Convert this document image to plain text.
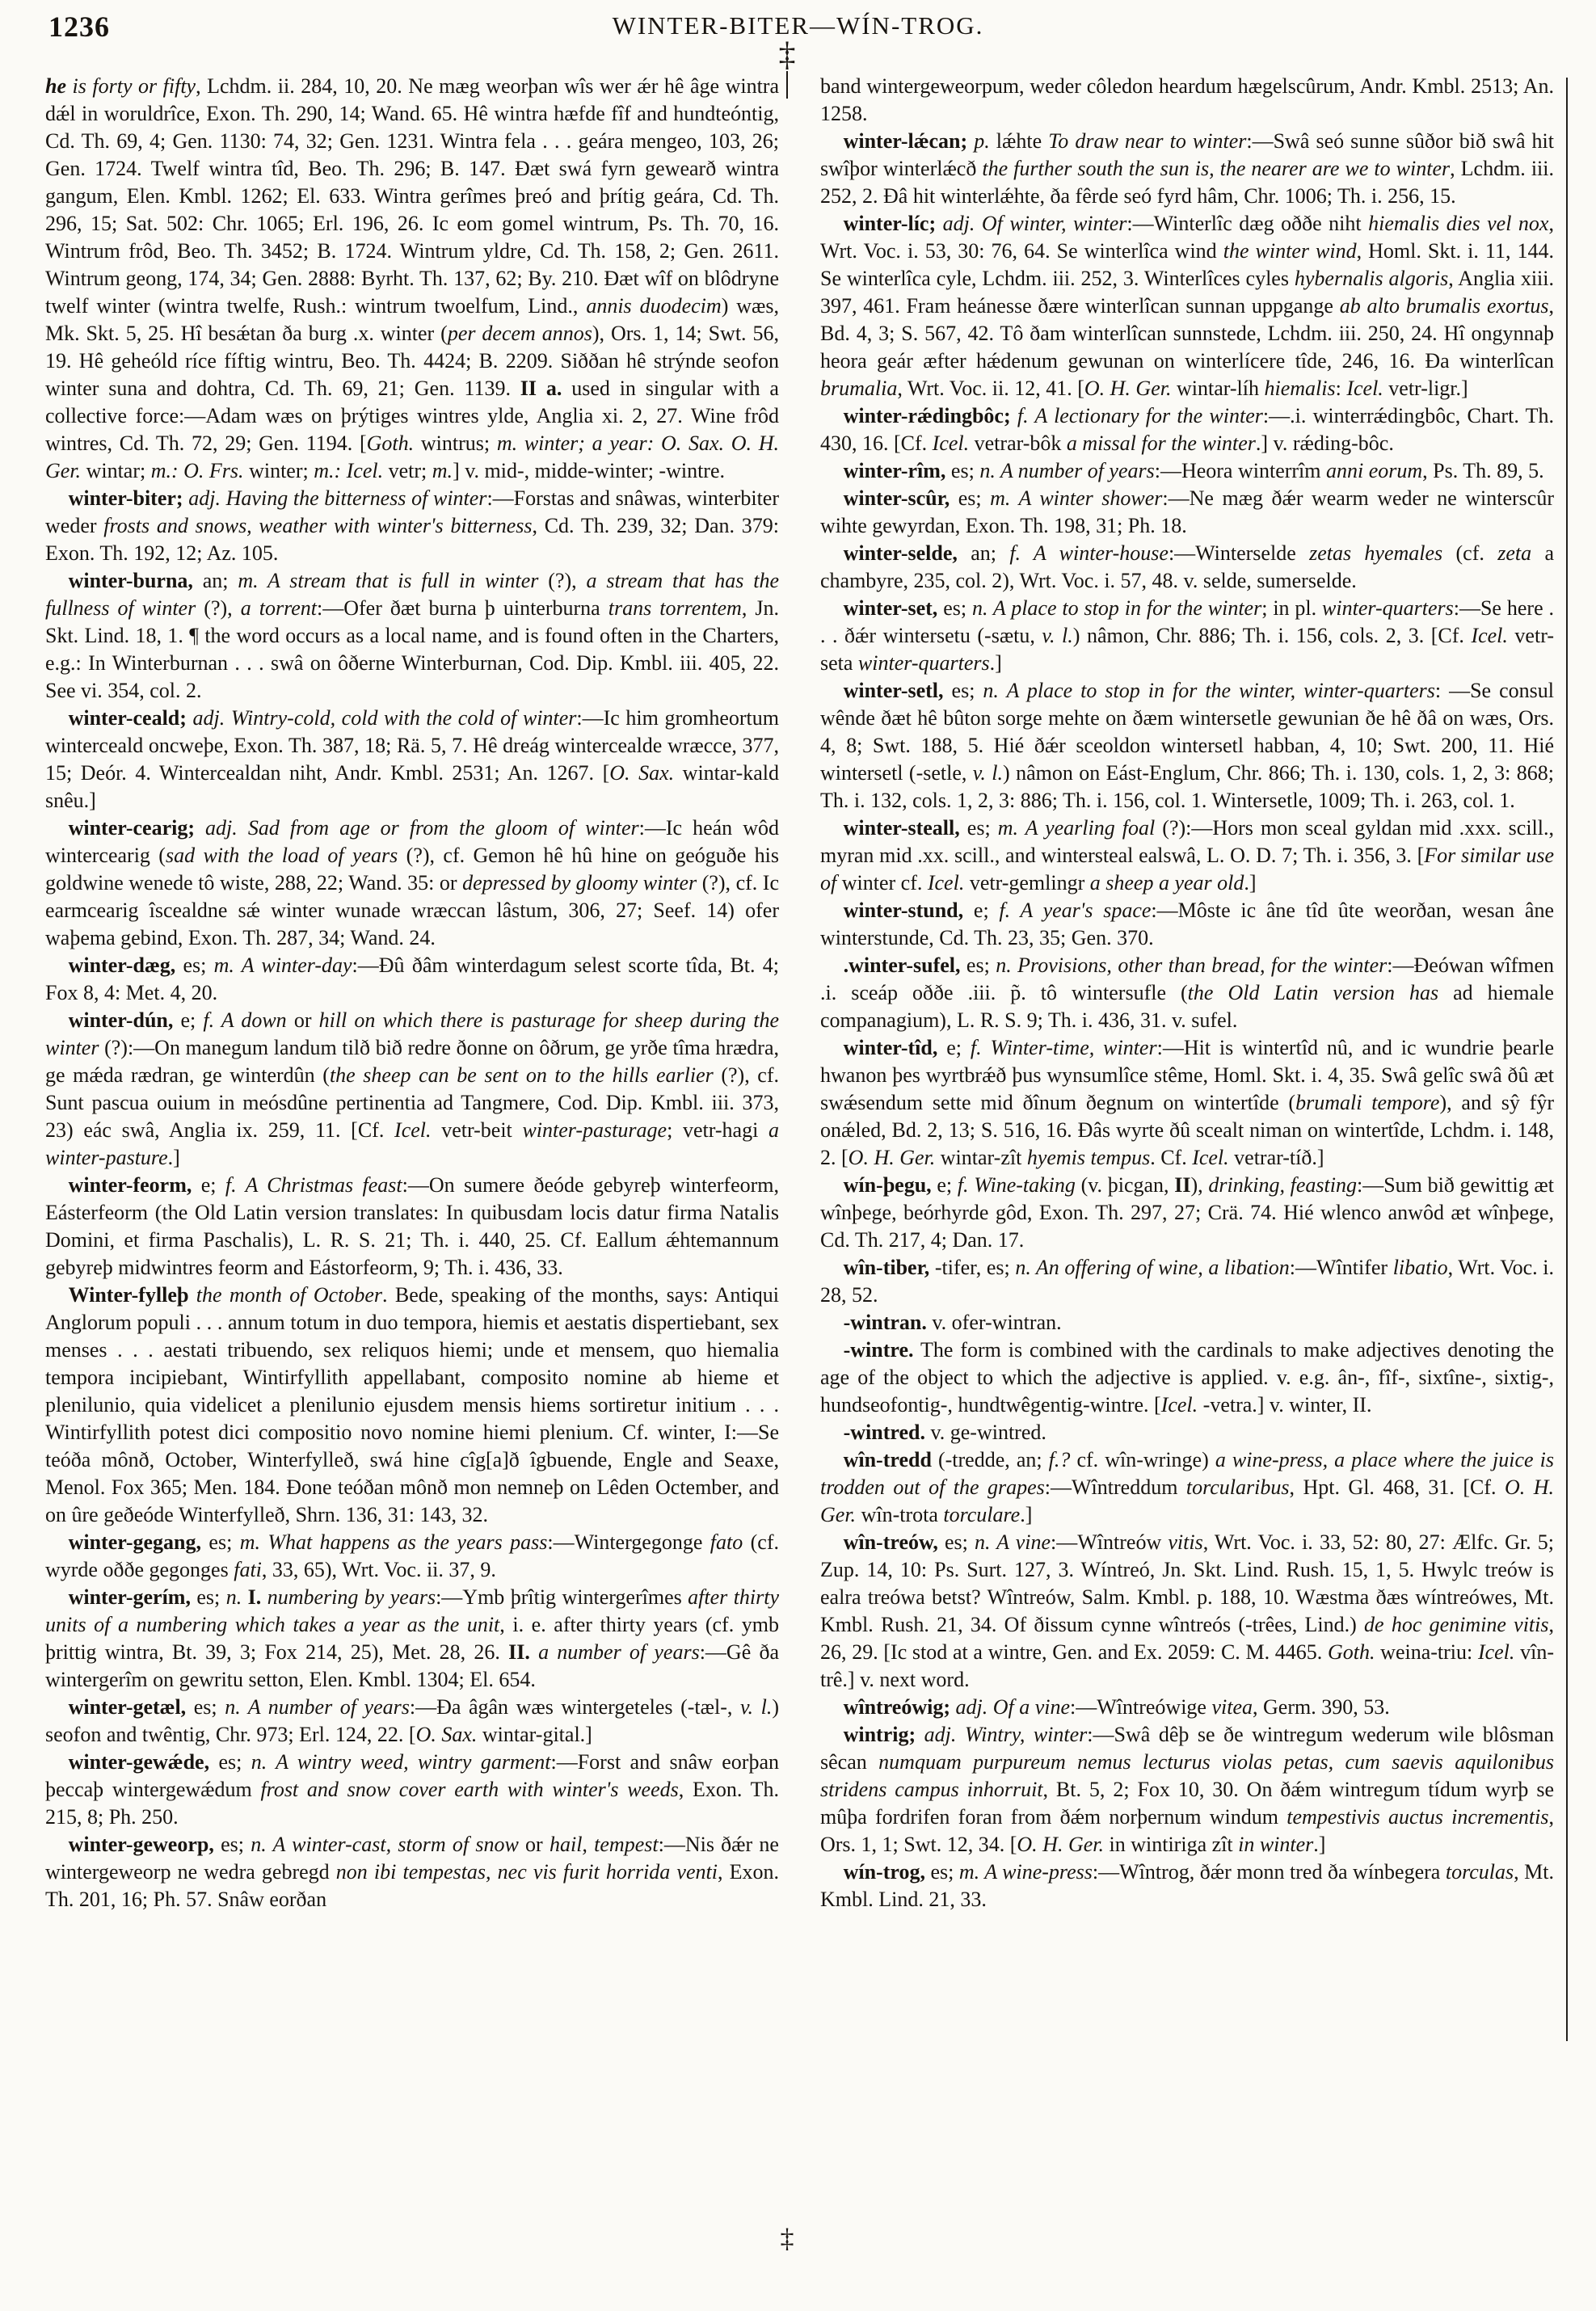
1236	WINTER-BITER—WÍN-TROG.
‡

he is forty or fifty, Lchdm. ii. 284, 10, 20. Ne mæg weorþan wîs wer ǽr hê âge wintra dǽl in woruldrîce, Exon. Th. 290, 14; Wand. 65. Hê wintra hæfde fîf and hundteóntig, Cd. Th. 69, 4; Gen. 1130: 74, 32; Gen. 1231. Wintra fela . . . geára mengeo, 103, 26; Gen. 1724. Twelf wintra tîd, Beo. Th. 296; B. 147. Ðæt swá fyrn gewearð wintra gangum, Elen. Kmbl. 1262; El. 633. Wintra gerîmes þreó and þrítig geára, Cd. Th. 296, 15; Sat. 502: Chr. 1065; Erl. 196, 26. Ic eom gomel wintrum, Ps. Th. 70, 16. Wintrum frôd, Beo. Th. 3452; B. 1724. Wintrum yldre, Cd. Th. 158, 2; Gen. 2611. Wintrum geong, 174, 34; Gen. 2888: Byrht. Th. 137, 62; By. 210. Ðæt wîf on blôdryne twelf winter (wintra twelfe, Rush.: wintrum twoelfum, Lind., annis duodecim) wæs, Mk. Skt. 5, 25. Hî besǽtan ða burg .x. winter (per decem annos), Ors. 1, 14; Swt. 56, 19. Hê geheóld ríce fíftig wintru, Beo. Th. 4424; B. 2209. Siððan hê strýnde seofon winter suna and dohtra, Cd. Th. 69, 21; Gen. 1139. II a. used in singular with a collective force:—Adam wæs on þrýtiges wintres ylde, Anglia xi. 2, 27. Wine frôd wintres, Cd. Th. 72, 29; Gen. 1194. [Goth. wintrus; m. winter; a year: O. Sax. O. H. Ger. wintar; m.: O. Frs. winter; m.: Icel. vetr; m.] v. mid-, midde-winter; -wintre.

winter-biter; adj. Having the bitterness of winter:—Forstas and snâwas, winterbiter weder frosts and snows, weather with winter's bitterness, Cd. Th. 239, 32; Dan. 379: Exon. Th. 192, 12; Az. 105.

winter-burna, an; m. A stream that is full in winter (?), a stream that has the fullness of winter (?), a torrent:—Ofer ðæt burna þ uinterburna trans torrentem, Jn. Skt. Lind. 18, 1. ¶ the word occurs as a local name, and is found often in the Charters, e.g.: In Winterburnan . . . swâ on ôðerne Winterburnan, Cod. Dip. Kmbl. iii. 405, 22. See vi. 354, col. 2.

winter-ceald; adj. Wintry-cold, cold with the cold of winter:—Ic him gromheortum winterceald oncweþe, Exon. Th. 387, 18; Rä. 5, 7. Hê dreág wintercealde wræcce, 377, 15; Deór. 4. Wintercealdan niht, Andr. Kmbl. 2531; An. 1267. [O. Sax. wintar-kald snêu.]

winter-cearig; adj. Sad from age or from the gloom of winter:—Ic heán wôd wintercearig (sad with the load of years (?), cf. Gemon hê hû hine on geóguðe his goldwine wenede tô wiste, 288, 22; Wand. 35: or depressed by gloomy winter (?), cf. Ic earmcearig îscealdne sǽ winter wunade wræccan lâstum, 306, 27; Seef. 14) ofer waþema gebind, Exon. Th. 287, 34; Wand. 24.

winter-dæg, es; m. A winter-day:—Ðû ðâm winterdagum selest scorte tîda, Bt. 4; Fox 8, 4: Met. 4, 20.

winter-dún, e; f. A down or hill on which there is pasturage for sheep during the winter (?):—On manegum landum tilð bið redre ðonne on ôðrum, ge yrðe tîma hrædra, ge mǽda rædran, ge winterdûn (the sheep can be sent on to the hills earlier (?), cf. Sunt pascua ouium in meósdûne pertinentia ad Tangmere, Cod. Dip. Kmbl. iii. 373, 23) eác swâ, Anglia ix. 259, 11. [Cf. Icel. vetr-beit winter-pasturage; vetr-hagi a winter-pasture.]

winter-feorm, e; f. A Christmas feast:—On sumere ðeóde gebyreþ winterfeorm, Eásterfeorm (the Old Latin version translates: In quibusdam locis datur firma Natalis Domini, et firma Paschalis), L. R. S. 21; Th. i. 440, 25. Cf. Eallum ǽhtemannum gebyreþ midwintres feorm and Eástorfeorm, 9; Th. i. 436, 33.

Winter-fylleþ the month of October. Bede, speaking of the months, says: Antiqui Anglorum populi . . . annum totum in duo tempora, hiemis et aestatis dispertiebant, sex menses . . . aestati tribuendo, sex reliquos hiemi; unde et mensem, quo hiemalia tempora incipiebant, Wintirfyllith appellabant, composito nomine ab hieme et plenilunio, quia videlicet a plenilunio ejusdem mensis hiems sortiretur initium . . . Wintirfyllith potest dici compositio novo nomine hiemi plenium. Cf. winter, I:—Se teóða mônð, October, Winterfylleð, swá hine cîg[a]ð îgbuende, Engle and Seaxe, Menol. Fox 365; Men. 184. Ðone teóðan mônð mon nemneþ on Lêden Octember, and on ûre geðeóde Winterfylleð, Shrn. 136, 31: 143, 32.

winter-gegang, es; m. What happens as the years pass:—Wintergegonge fato (cf. wyrde oððe gegonges fati, 33, 65), Wrt. Voc. ii. 37, 9.

winter-gerím, es; n. I. numbering by years:—Ymb þrîtig wintergerîmes after thirty units of a numbering which takes a year as the unit, i. e. after thirty years (cf. ymb þrittig wintra, Bt. 39, 3; Fox 214, 25), Met. 28, 26. II. a number of years:—Gê ða wintergerîm on gewritu setton, Elen. Kmbl. 1304; El. 654.

winter-getæl, es; n. A number of years:—Ða âgân wæs wintergeteles (-tæl-, v. l.) seofon and twêntig, Chr. 973; Erl. 124, 22. [O. Sax. wintar-gital.]

winter-gewǽde, es; n. A wintry weed, wintry garment:—Forst and snâw eorþan þeccaþ wintergewǽdum frost and snow cover earth with winter's weeds, Exon. Th. 215, 8; Ph. 250.

winter-geweorp, es; n. A winter-cast, storm of snow or hail, tempest:—Nis ðǽr ne wintergeweorp ne wedra gebregd non ibi tempestas, nec vis furit horrida venti, Exon. Th. 201, 16; Ph. 57. Snâw eorðan

band wintergeweorpum, weder côledon heardum hægelscûrum, Andr. Kmbl. 2513; An. 1258.

winter-lǽcan; p. lǽhte To draw near to winter:—Swâ seó sunne sûðor bið swâ hit swîþor winterlǽcð the further south the sun is, the nearer are we to winter, Lchdm. iii. 252, 2. Ðâ hit winterlǽhte, ða fêrde seó fyrd hâm, Chr. 1006; Th. i. 256, 15.

winter-líc; adj. Of winter, winter:—Winterlîc dæg oððe niht hiemalis dies vel nox, Wrt. Voc. i. 53, 30: 76, 64. Se winterlîca wind the winter wind, Homl. Skt. i. 11, 144. Se winterlîca cyle, Lchdm. iii. 252, 3. Winterlîces cyles hybernalis algoris, Anglia xiii. 397, 461. Fram heánesse ðære winterlîcan sunnan uppgange ab alto brumalis exortus, Bd. 4, 3; S. 567, 42. Tô ðam winterlîcan sunnstede, Lchdm. iii. 250, 24. Hî ongynnaþ heora geár æfter hǽdenum gewunan on winterlícere tîde, 246, 16. Ða winterlîcan brumalia, Wrt. Voc. ii. 12, 41. [O. H. Ger. wintar-líh hiemalis: Icel. vetr-ligr.]

winter-rǽdingbôc; f. A lectionary for the winter:—.i. winterrǽdingbôc, Chart. Th. 430, 16. [Cf. Icel. vetrar-bôk a missal for the winter.] v. rǽding-bôc.

winter-rîm, es; n. A number of years:—Heora winterrîm anni eorum, Ps. Th. 89, 5.

winter-scûr, es; m. A winter shower:—Ne mæg ðǽr wearm weder ne winterscûr wihte gewyrdan, Exon. Th. 198, 31; Ph. 18.

winter-selde, an; f. A winter-house:—Winterselde zetas hyemales (cf. zeta a chambyre, 235, col. 2), Wrt. Voc. i. 57, 48. v. selde, sumerselde.

winter-set, es; n. A place to stop in for the winter; in pl. winter-quarters:—Se here . . . ðǽr wintersetu (-sætu, v. l.) nâmon, Chr. 886; Th. i. 156, cols. 2, 3. [Cf. Icel. vetr-seta winter-quarters.]

winter-setl, es; n. A place to stop in for the winter, winter-quarters: —Se consul wênde ðæt hê bûton sorge mehte on ðæm wintersetle gewunian ðe hê ðâ on wæs, Ors. 4, 8; Swt. 188, 5. Hié ðǽr sceoldon wintersetl habban, 4, 10; Swt. 200, 11. Hié wintersetl (-setle, v. l.) nâmon on Eást-Englum, Chr. 866; Th. i. 130, cols. 1, 2, 3: 868; Th. i. 132, cols. 1, 2, 3: 886; Th. i. 156, col. 1. Wintersetle, 1009; Th. i. 263, col. 1.

winter-steall, es; m. A yearling foal (?):—Hors mon sceal gyldan mid .xxx. scill., myran mid .xx. scill., and wintersteal ealswâ, L. O. D. 7; Th. i. 356, 3. [For similar use of winter cf. Icel. vetr-gemlingr a sheep a year old.]

winter-stund, e; f. A year's space:—Môste ic âne tîd ûte weorðan, wesan âne winterstunde, Cd. Th. 23, 35; Gen. 370.

.winter-sufel, es; n. Provisions, other than bread, for the winter:—Ðeówan wîfmen .i. sceáp oððe .iii. p̃. tô wintersufle (the Old Latin version has ad hiemale companagium), L. R. S. 9; Th. i. 436, 31. v. sufel.

winter-tîd, e; f. Winter-time, winter:—Hit is wintertîd nû, and ic wundrie þearle hwanon þes wyrtbrǽð þus wynsumlîce stême, Homl. Skt. i. 4, 35. Swâ gelîc swâ ðû æt swǽsendum sette mid ðînum ðegnum on wintertîde (brumali tempore), and sŷ fŷr onǽled, Bd. 2, 13; S. 516, 16. Ðâs wyrte ðû scealt niman on wintertîde, Lchdm. i. 148, 2. [O. H. Ger. wintar-zît hyemis tempus. Cf. Icel. vetrar-tíð.]

wín-þegu, e; f. Wine-taking (v. þicgan, II), drinking, feasting:—Sum bið gewittig æt wînþege, beórhyrde gôd, Exon. Th. 297, 27; Crä. 74. Hié wlenco anwôd æt wînþege, Cd. Th. 217, 4; Dan. 17.

wîn-tiber, -tifer, es; n. An offering of wine, a libation:—Wîntifer libatio, Wrt. Voc. i. 28, 52.

-wintran. v. ofer-wintran.

-wintre. The form is combined with the cardinals to make adjectives denoting the age of the object to which the adjective is applied. v. e.g. ân-, fîf-, sixtîne-, sixtig-, hundseofontig-, hundtwêgentig-wintre. [Icel. -vetra.] v. winter, II.

-wintred. v. ge-wintred.

wîn-tredd (-tredde, an; f.? cf. wîn-wringe) a wine-press, a place where the juice is trodden out of the grapes:—Wîntreddum torcularibus, Hpt. Gl. 468, 31. [Cf. O. H. Ger. wîn-trota torculare.]

wîn-treów, es; n. A vine:—Wîntreów vitis, Wrt. Voc. i. 33, 52: 80, 27: Ælfc. Gr. 5; Zup. 14, 10: Ps. Surt. 127, 3. Wíntreó, Jn. Skt. Lind. Rush. 15, 1, 5. Hwylc treów is ealra treówa betst? Wîntreów, Salm. Kmbl. p. 188, 10. Wæstma ðæs wíntreówes, Mt. Kmbl. Rush. 21, 34. Of ðissum cynne wîntreós (-trêes, Lind.) de hoc genimine vitis, 26, 29. [Ic stod at a wintre, Gen. and Ex. 2059: C. M. 4465. Goth. weina-triu: Icel. vîn-trê.] v. next word.

wîntreówig; adj. Of a vine:—Wîntreówige vitea, Germ. 390, 53.

wintrig; adj. Wintry, winter:—Swâ dêþ se ðe wintregum wederum wile blôsman sêcan numquam purpureum nemus lecturus violas petas, cum saevis aquilonibus stridens campus inhorruit, Bt. 5, 2; Fox 10, 30. On ðǽm wintregum tídum wyrþ se mûþa fordrifen foran from ðǽm norþernum windum tempestivis auctus incrementis, Ors. 1, 1; Swt. 12, 34. [O. H. Ger. in wintiriga zît in winter.]

wín-trog, es; m. A wine-press:—Wîntrog, ðǽr monn tred ða wínbegera torculas, Mt. Kmbl. Lind. 21, 33.

‡
